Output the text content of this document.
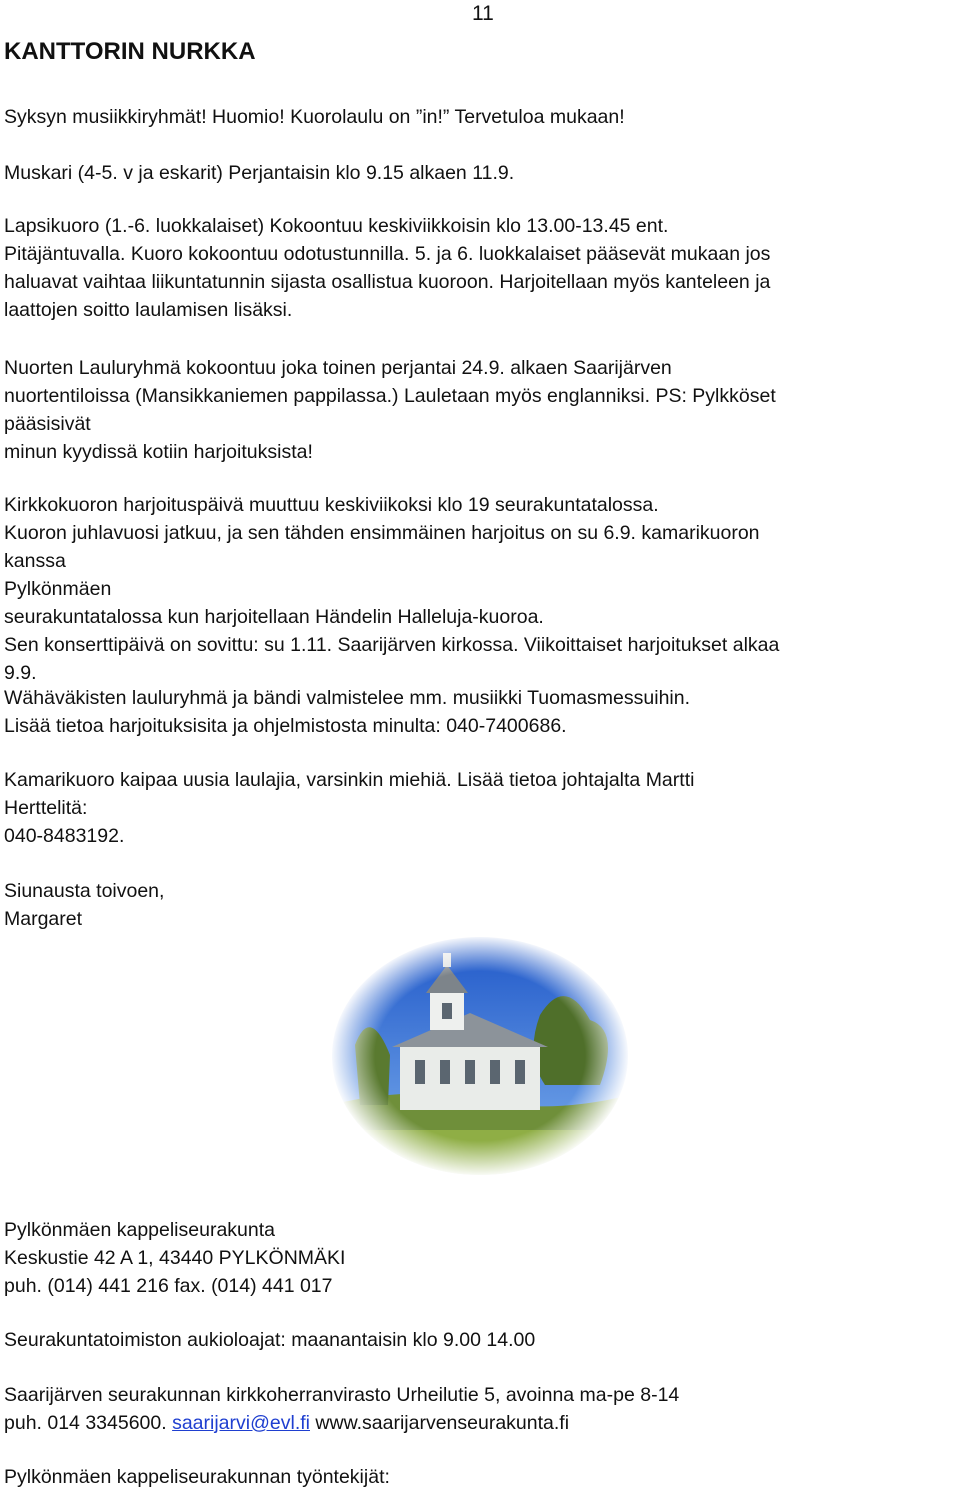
11
KANTTORIN NURKKA
Syksyn musiikkiryhmät! Huomio! Kuorolaulu on ”in!” Tervetuloa mukaan!
Muskari (4-5. v ja eskarit) Perjantaisin klo 9.15 alkaen 11.9.
Lapsikuoro (1.-6. luokkalaiset) Kokoontuu keskiviikkoisin klo 13.00-13.45 ent.
Pitäjäntuvalla. Kuoro kokoontuu odotustunnilla. 5. ja 6. luokkalaiset pääsevät mukaan jos
haluavat vaihtaa liikuntatunnin sijasta osallistua kuoroon. Harjoitellaan myös kanteleen ja
laattojen soitto laulamisen lisäksi.
Nuorten Lauluryhmä kokoontuu joka toinen perjantai 24.9. alkaen Saarijärven
nuortentiloissa (Mansikkaniemen pappilassa.) Lauletaan myös englanniksi. PS: Pylkköset
pääsisivät
minun kyydissä kotiin harjoituksista!
Kirkkokuoron harjoituspäivä muuttuu keskiviikoksi klo 19 seurakuntatalossa.
Kuoron juhlavuosi jatkuu, ja sen tähden ensimmäinen harjoitus on su 6.9. kamarikuoron
kanssa
Pylkönmäen
seurakuntatalossa kun harjoitellaan Händelin Halleluja-kuoroa.
Sen konserttipäivä on sovittu: su 1.11. Saarijärven kirkossa. Viikoittaiset harjoitukset alkaa
9.9.
Wähäväkisten lauluryhmä ja bändi valmistelee mm. musiikki Tuomasmessuihin.
Lisää tietoa harjoituksisita ja ohjelmistosta minulta: 040-7400686.
Kamarikuoro kaipaa uusia laulajia, varsinkin miehiä. Lisää tietoa johtajalta Martti
Herttelitä:
040-8483192.
Siunausta toivoen,
Margaret
Pylkönmäen kappeliseurakunta
Keskustie 42 A 1, 43440 PYLKÖNMÄKI
puh. (014) 441 216 fax. (014) 441 017
Seurakuntatoimiston aukioloajat: maanantaisin klo 9.00 14.00
Saarijärven seurakunnan kirkkoherranvirasto Urheilutie 5, avoinna ma-pe 8-14
puh. 014 3345600. saarijarvi@evl.fi www.saarijarvenseurakunta.fi
Pylkönmäen kappeliseurakunnan työntekijät:
